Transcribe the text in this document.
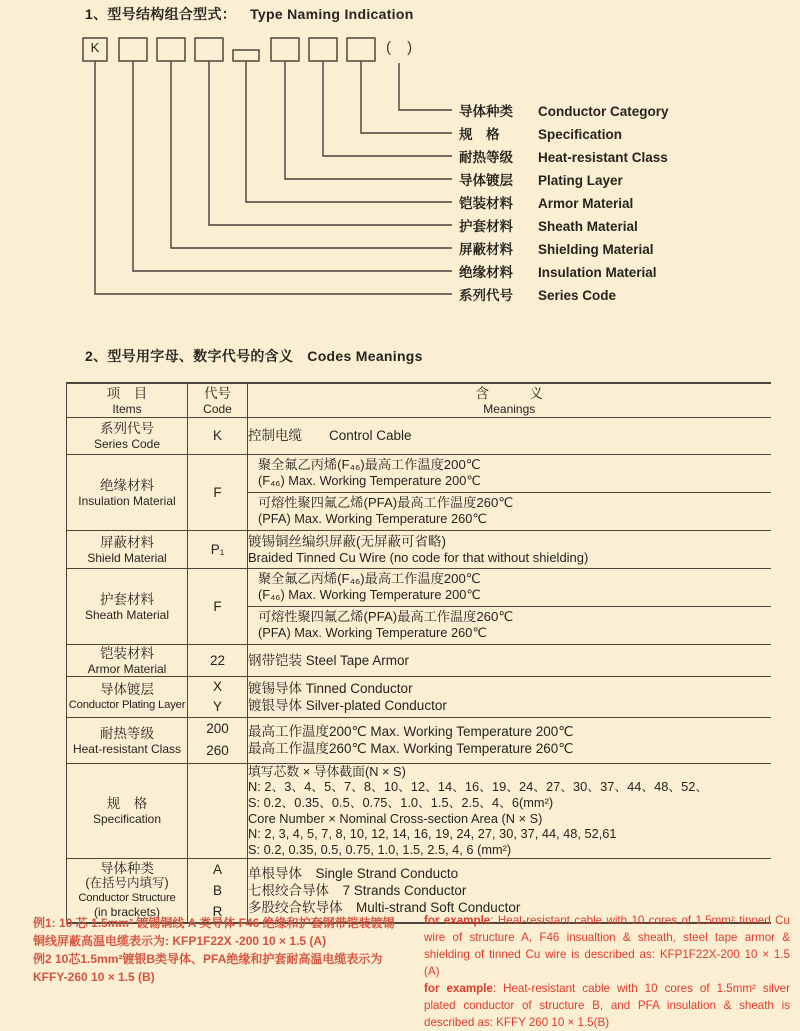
1、型号结构组合型式： Type Naming Indication
K	( )
导体种类 Conductor Category
规　格	Specification
耐热等级 Heat-resistant Class
导体镀层 Plating Layer
铠装材料 Armor Material
护套材料 Sheath Material
屏蔽材料 Shielding Material
绝缘材料 Insulation Material
系列代号 Series Code
2、型号用字母、数字代号的含义 Codes Meanings
项　目
Items

代号
Code

含　　　义
Meanings

系列代号
Series Code	K	控制电缆　　Control Cable

绝缘材料
Insulation Material
	F	
聚全氟乙丙烯(F₄₆)最高工作温度200℃
(F₄₆) Max. Working Temperature 200℃
可熔性聚四氟乙烯(PFA)最高工作温度260℃
(PFA) Max. Working Temperature 260℃

屏蔽材料
Shield Material
	P₁	
镀锡铜丝编织屏蔽(无屏蔽可省略)
Braided Tinned Cu Wire (no code for that without shielding)

护套材料
Sheath Material
	F	
聚全氟乙丙烯(F₄₆)最高工作温度200℃
(F₄₆) Max. Working Temperature 200℃
可熔性聚四氟乙烯(PFA)最高工作温度260℃
(PFA) Max. Working Temperature 260℃

铠装材料
Armor Material	22	钢带铠装 Steel Tape Armor

导体镀层
Conductor Plating Layer

X
Y

镀锡导体 Tinned Conductor
镀银导体 Silver-plated Conductor

耐热等级
Heat-resistant Class

200
260

最高工作温度200℃ Max. Working Temperature 200℃
最高工作温度260℃ Max. Working Temperature 260℃

规　格
Specification

填写芯数 × 导体截面(N × S)
N: 2、3、4、5、7、8、10、12、14、16、19、24、27、30、37、44、48、52、
S: 0.2、0.35、0.5、0.75、1.0、1.5、2.5、4、6(mm²)
Core Number × Nominal Cross-section Area (N × S)
N: 2, 3, 4, 5, 7, 8, 10, 12, 14, 16, 19, 24, 27, 30, 37, 44, 48, 52,61
S: 0.2, 0.35, 0.5, 0.75, 1.0, 1.5, 2.5, 4, 6 (mm²)

导体种类
(在括号内填写)
Conductor Structure
(in brackets)

A
B
R

单根导体　Single Strand Conducto
七根绞合导体　7 Strands Conductor
多股绞合软导体　Multi-strand Soft Conductor

例1: 10 芯 1.5mm² 镀锡铜线 A 类导体 F46 绝缘和护套钢带铠装镀锡铜线屏蔽高温电缆表示为: KFP1F22X -200 10 × 1.5 (A)

例2 10芯1.5mm²镀银B类导体、PFA绝缘和护套耐高温电缆表示为 KFFY-260 10 × 1.5 (B)

for example: Heat-resistant cable with 10 cores of 1.5mm² tinned Cu wire of structure A, F46 insualtion & sheath, steel tape armor & shielding of tinned Cu wire is described as: KFP1F22X-200 10 × 1.5 (A)

for example: Heat-resistant cable with 10 cores of 1.5mm² silver plated conductor of structure B, and PFA insulation & sheath is described as: KFFY 260 10 × 1.5(B)
